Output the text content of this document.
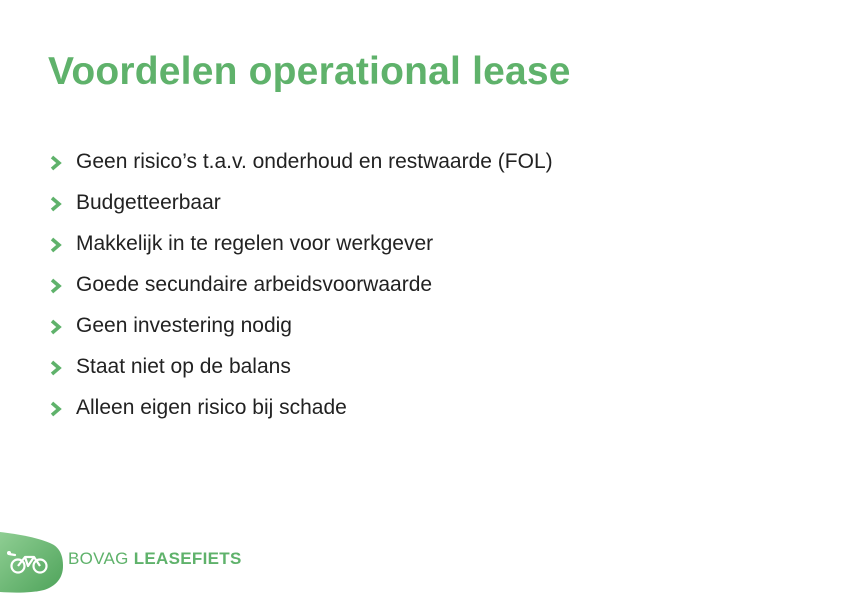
Voordelen operational lease
Geen risico’s t.a.v. onderhoud en restwaarde (FOL)
Budgetteerbaar
Makkelijk in te regelen voor werkgever
Goede secundaire arbeidsvoorwaarde
Geen investering nodig
Staat niet op de balans
Alleen eigen risico bij schade
BOVAG LEASEFIETS
